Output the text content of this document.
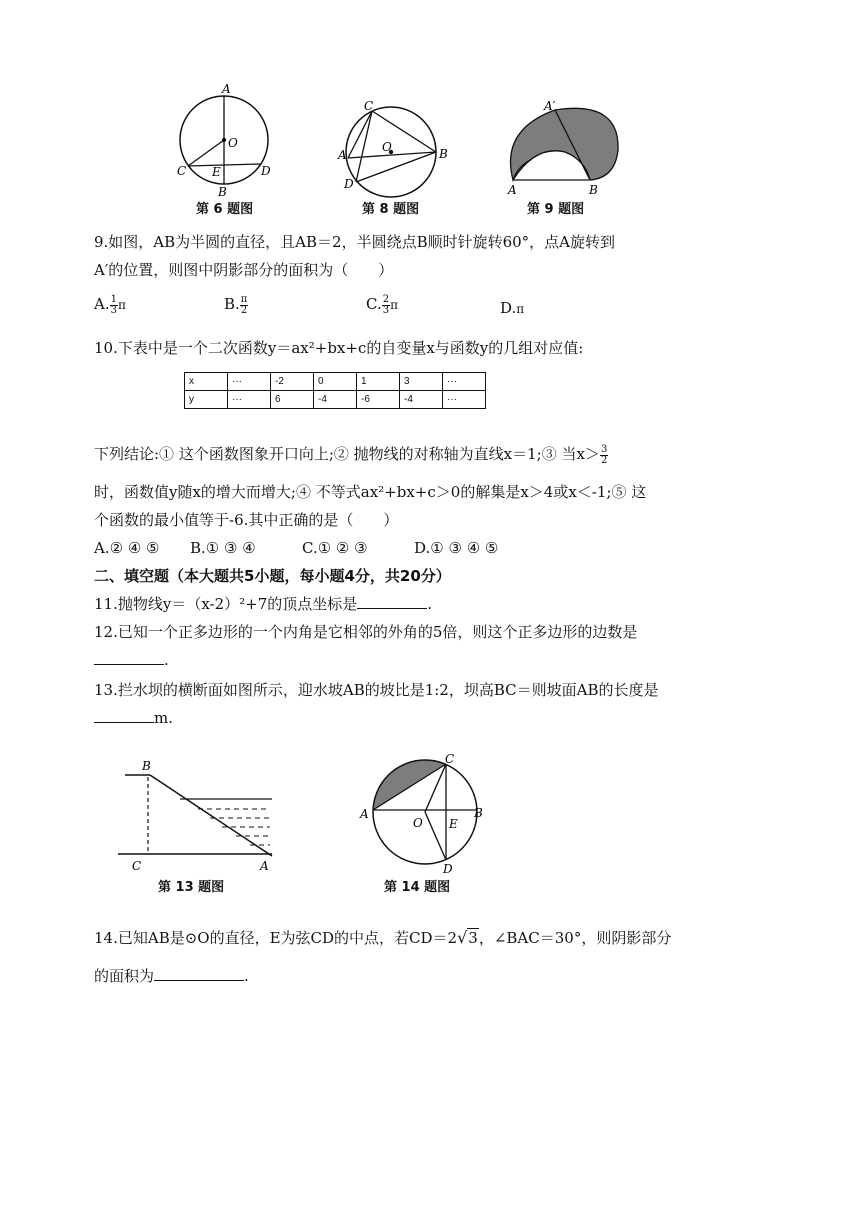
A
O
C E	D
B
C
A
O	B
D
A′
A	B
第 6 题图	第 8 题图	第 9 题图
9.如图，AB为半圆的直径，且AB＝2，半圆绕点B顺时针旋转60°，点A旋转到
A′的位置，则图中阴影部分的面积为（　　）
A. $\frac{1}{3}$ π	B. $\frac{\pi}{2}$	C. $\frac{2}{3}$ π	D.π
10.下表中是一个二次函数y＝ax²+bx+c的自变量x与函数y的几组对应值:
x	···	-2	0	1	3	···
y	···	6	-4	-6	-4	···
下列结论:① 这个函数图象开口向上;② 抛物线的对称轴为直线x＝1;③ 当$x> \frac{3}{2}$
时，函数值y随x的增大而增大;④ 不等式ax²+bx+c＞0的解集是x＞4或x＜-1;⑤ 这
个函数的最小值等于-6.其中正确的是（　　）
A.② ④ ⑤ B.① ③ ④	C.① ② ③	D.① ③ ④ ⑤
二、填空题（本大题共5小题，每小题4分，共20分）
11.抛物线y＝（x-2）²+7的顶点坐标是	.
12.已知一个正多边形的一个内角是它相邻的外角的5倍，则这个正多边形的边数是
.
13.拦水坝的横断面如图所示，迎水坡AB的坡比是1:2，坝高BC＝则坡面AB的长度是
m.
B
C	A
C
A
O E
B
D
第 13 题图	第 14 题图
14.已知AB是⊙O的直径，E为弦CD的中点，若CD＝2√3，∠BAC＝30°，则阴影部分
的面积为	.
